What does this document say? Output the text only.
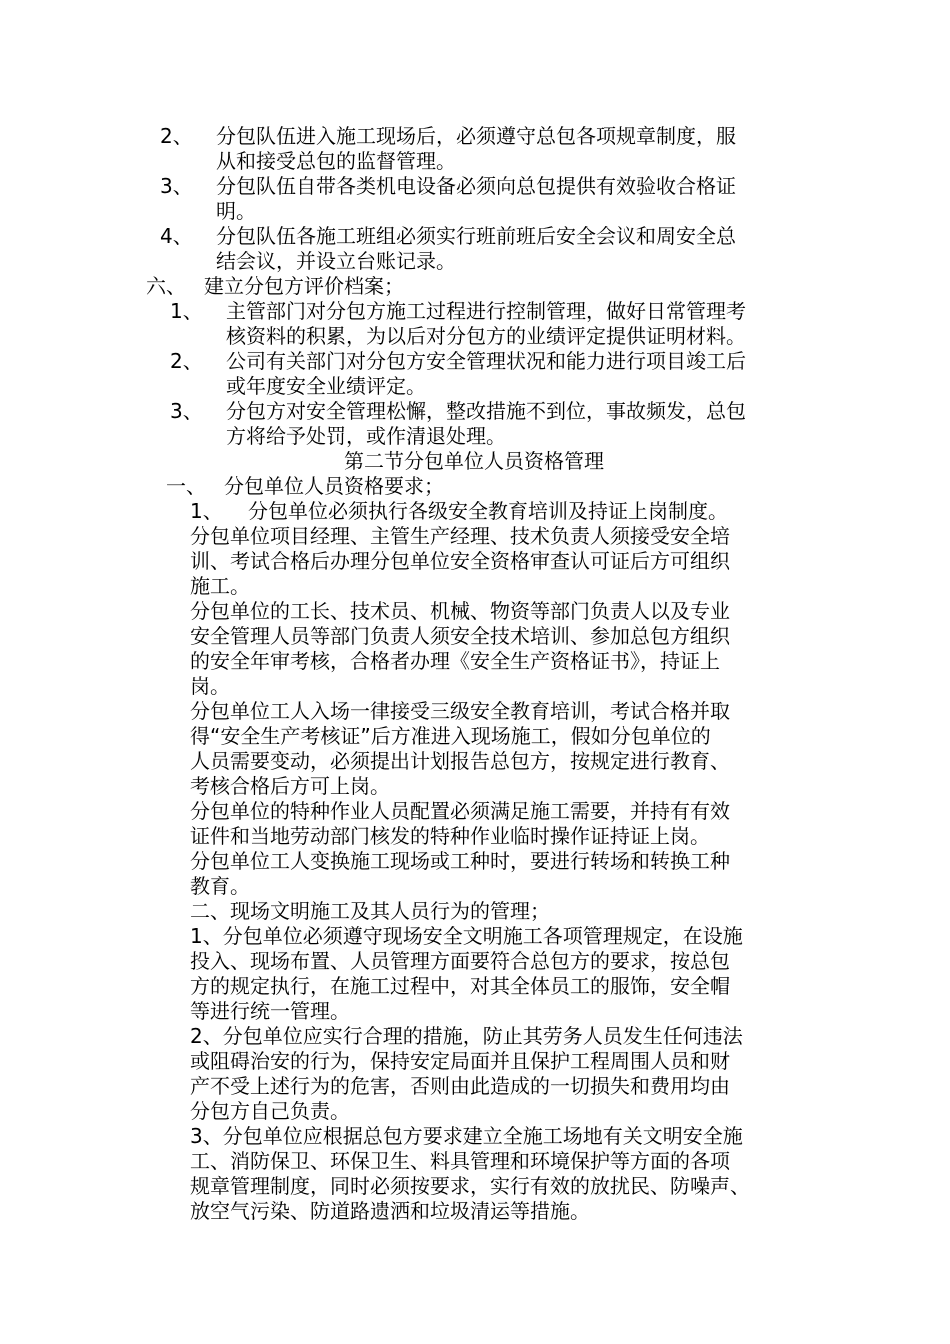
2、 分包队伍进入施工现场后，必须遵守总包各项规章制度，服
从和接受总包的监督管理。
3、 分包队伍自带各类机电设备必须向总包提供有效验收合格证
明。
4、 分包队伍各施工班组必须实行班前班后安全会议和周安全总
结会议，并设立台账记录。
六、 建立分包方评价档案；
1、 主管部门对分包方施工过程进行控制管理，做好日常管理考
核资料的积累，为以后对分包方的业绩评定提供证明材料。
2、 公司有关部门对分包方安全管理状况和能力进行项目竣工后
或年度安全业绩评定。
3、 分包方对安全管理松懈，整改措施不到位，事故频发，总包
方将给予处罚，或作清退处理。
第二节分包单位人员资格管理
一、 分包单位人员资格要求；
1、 分包单位必须执行各级安全教育培训及持证上岗制度。
分包单位项目经理、主管生产经理、技术负责人须接受安全培
训、考试合格后办理分包单位安全资格审查认可证后方可组织
施工。
分包单位的工长、技术员、机械、物资等部门负责人以及专业
安全管理人员等部门负责人须安全技术培训、参加总包方组织
的安全年审考核，合格者办理《安全生产资格证书》，持证上
岗。
分包单位工人入场一律接受三级安全教育培训，考试合格并取
得“安全生产考核证”后方准进入现场施工，假如分包单位的
人员需要变动，必须提出计划报告总包方，按规定进行教育、
考核合格后方可上岗。
分包单位的特种作业人员配置必须满足施工需要，并持有有效
证件和当地劳动部门核发的特种作业临时操作证持证上岗。
分包单位工人变换施工现场或工种时，要进行转场和转换工种
教育。
二、现场文明施工及其人员行为的管理；
1、分包单位必须遵守现场安全文明施工各项管理规定，在设施
投入、现场布置、人员管理方面要符合总包方的要求，按总包
方的规定执行，在施工过程中，对其全体员工的服饰，安全帽
等进行统一管理。
2、分包单位应实行合理的措施，防止其劳务人员发生任何违法
或阻碍治安的行为，保持安定局面并且保护工程周围人员和财
产不受上述行为的危害，否则由此造成的一切损失和费用均由
分包方自己负责。
3、分包单位应根据总包方要求建立全施工场地有关文明安全施
工、消防保卫、环保卫生、料具管理和环境保护等方面的各项
规章管理制度，同时必须按要求，实行有效的放扰民、防噪声、
放空气污染、防道路遗洒和垃圾清运等措施。
